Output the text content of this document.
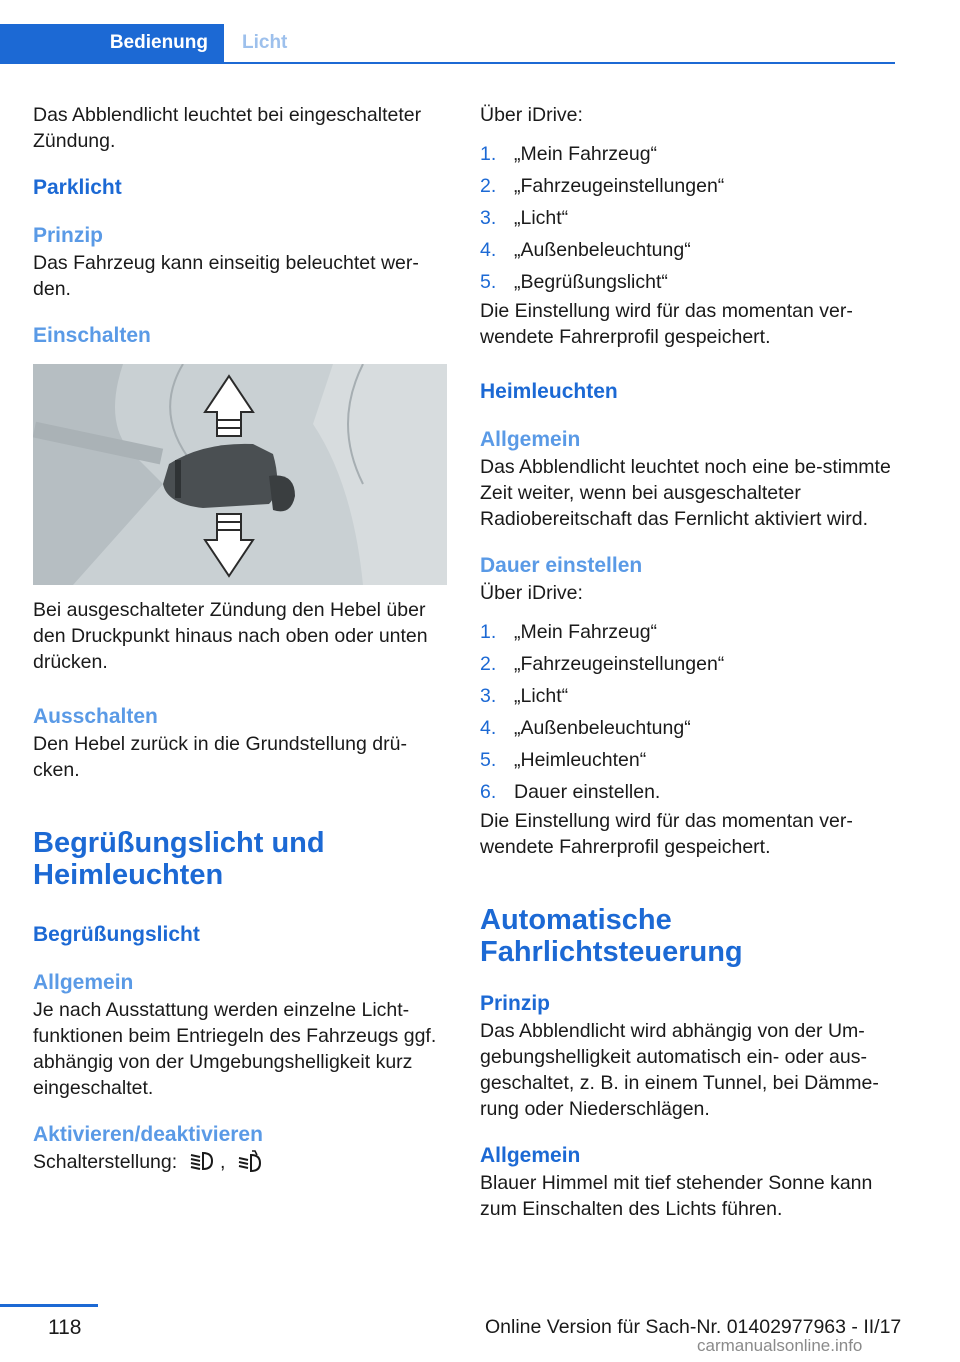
Bedienung	Licht

Das Abblendlicht leuchtet bei eingeschalteter Zündung.

Parklicht
Prinzip

Das Fahrzeug kann einseitig beleuchtet wer‐den.

Einschalten

Bei ausgeschalteter Zündung den Hebel über den Druckpunkt hinaus nach oben oder unten drücken.

Ausschalten

Den Hebel zurück in die Grundstellung drü‐cken.

Begrüßungslicht und Heimleuchten
Begrüßungslicht
Allgemein

Je nach Ausstattung werden einzelne Licht‐funktionen beim Entriegeln des Fahrzeugs ggf. abhängig von der Umgebungshelligkeit kurz eingeschaltet.

Aktivieren/deaktivieren

Schalterstellung: ,

Über iDrive:

1. „Mein Fahrzeug“
2. „Fahrzeugeinstellungen“
3. „Licht“
4. „Außenbeleuchtung“
5. „Begrüßungslicht“

Die Einstellung wird für das momentan ver‐wendete Fahrerprofil gespeichert.

Heimleuchten
Allgemein

Das Abblendlicht leuchtet noch eine be‐stimmte Zeit weiter, wenn bei ausgeschalteter Radiobereitschaft das Fernlicht aktiviert wird.

Dauer einstellen

Über iDrive:

1. „Mein Fahrzeug“
2. „Fahrzeugeinstellungen“
3. „Licht“
4. „Außenbeleuchtung“
5. „Heimleuchten“
6. Dauer einstellen.

Die Einstellung wird für das momentan ver‐wendete Fahrerprofil gespeichert.

Automatische Fahrlichtsteuerung
Prinzip

Das Abblendlicht wird abhängig von der Um‐gebungshelligkeit automatisch ein- oder aus‐geschaltet, z. B. in einem Tunnel, bei Dämme‐rung oder Niederschlägen.

Allgemein

Blauer Himmel mit tief stehender Sonne kann zum Einschalten des Lichts führen.

118	Online Version für Sach-Nr. 01402977963 - II/17
carmanualsonline.info
